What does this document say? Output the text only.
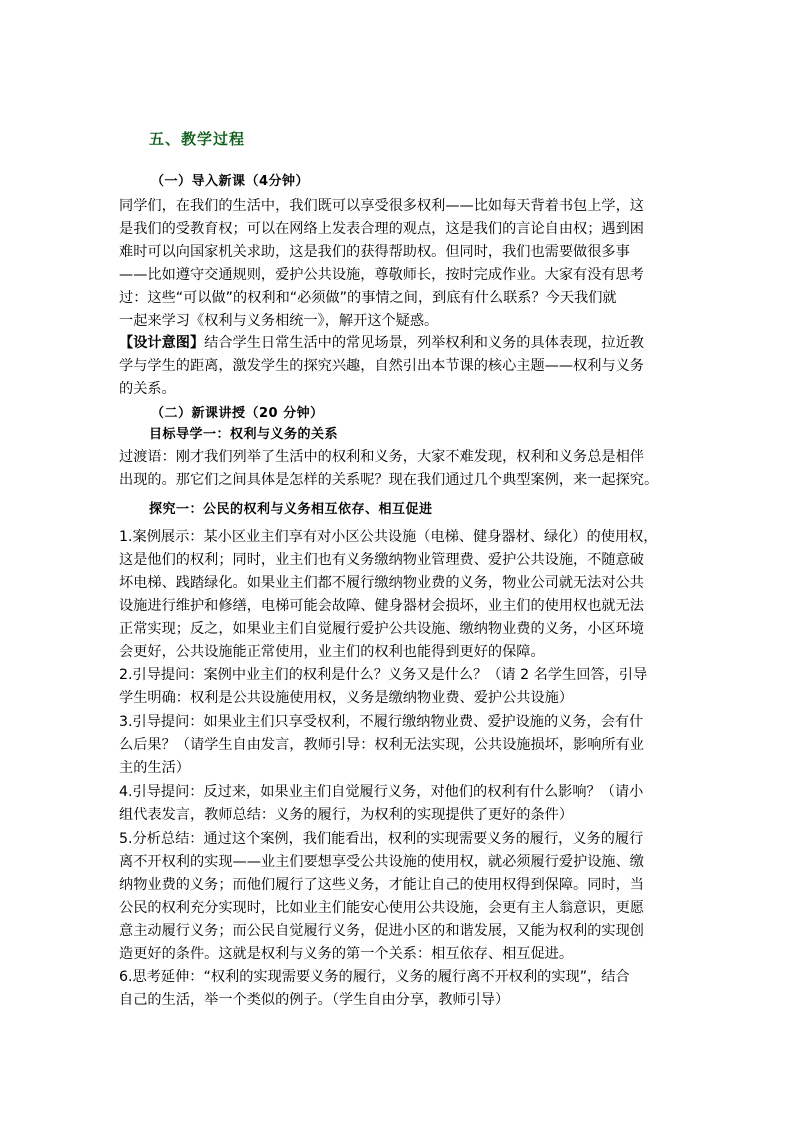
五、教学过程
（一）导入新课（4分钟）
同学们，在我们的生活中，我们既可以享受很多权利——比如每天背着书包上学，这
是我们的受教育权；可以在网络上发表合理的观点，这是我们的言论自由权；遇到困
难时可以向国家机关求助，这是我们的获得帮助权。但同时，我们也需要做很多事
——比如遵守交通规则，爱护公共设施，尊敬师长，按时完成作业。大家有没有思考
过：这些“可以做”的权利和“必须做”的事情之间，到底有什么联系？今天我们就
一起来学习《权利与义务相统一》，解开这个疑惑。
【设计意图】结合学生日常生活中的常见场景，列举权利和义务的具体表现，拉近教
学与学生的距离，激发学生的探究兴趣，自然引出本节课的核心主题——权利与义务
的关系。
（二）新课讲授（20 分钟）
目标导学一：权利与义务的关系
过渡语：刚才我们列举了生活中的权利和义务，大家不难发现，权利和义务总是相伴
出现的。那它们之间具体是怎样的关系呢？现在我们通过几个典型案例，来一起探究。
探究一：公民的权利与义务相互依存、相互促进
1.案例展示：某小区业主们享有对小区公共设施（电梯、健身器材、绿化）的使用权，
这是他们的权利；同时，业主们也有义务缴纳物业管理费、爱护公共设施，不随意破
坏电梯、践踏绿化。如果业主们都不履行缴纳物业费的义务，物业公司就无法对公共
设施进行维护和修缮，电梯可能会故障、健身器材会损坏，业主们的使用权也就无法
正常实现；反之，如果业主们自觉履行爱护公共设施、缴纳物业费的义务，小区环境
会更好，公共设施能正常使用，业主们的权利也能得到更好的保障。
2.引导提问：案例中业主们的权利是什么？义务又是什么？（请 2 名学生回答，引导
学生明确：权利是公共设施使用权，义务是缴纳物业费、爱护公共设施）
3.引导提问：如果业主们只享受权利，不履行缴纳物业费、爱护设施的义务，会有什
么后果？（请学生自由发言，教师引导：权利无法实现，公共设施损坏，影响所有业
主的生活）
4.引导提问：反过来，如果业主们自觉履行义务，对他们的权利有什么影响？（请小
组代表发言，教师总结：义务的履行，为权利的实现提供了更好的条件）
5.分析总结：通过这个案例，我们能看出，权利的实现需要义务的履行，义务的履行
离不开权利的实现——业主们要想享受公共设施的使用权，就必须履行爱护设施、缴
纳物业费的义务；而他们履行了这些义务，才能让自己的使用权得到保障。同时，当
公民的权利充分实现时，比如业主们能安心使用公共设施，会更有主人翁意识，更愿
意主动履行义务；而公民自觉履行义务，促进小区的和谐发展，又能为权利的实现创
造更好的条件。这就是权利与义务的第一个关系：相互依存、相互促进。
6.思考延伸：“权利的实现需要义务的履行，义务的履行离不开权利的实现”，结合
自己的生活，举一个类似的例子。（学生自由分享，教师引导）
